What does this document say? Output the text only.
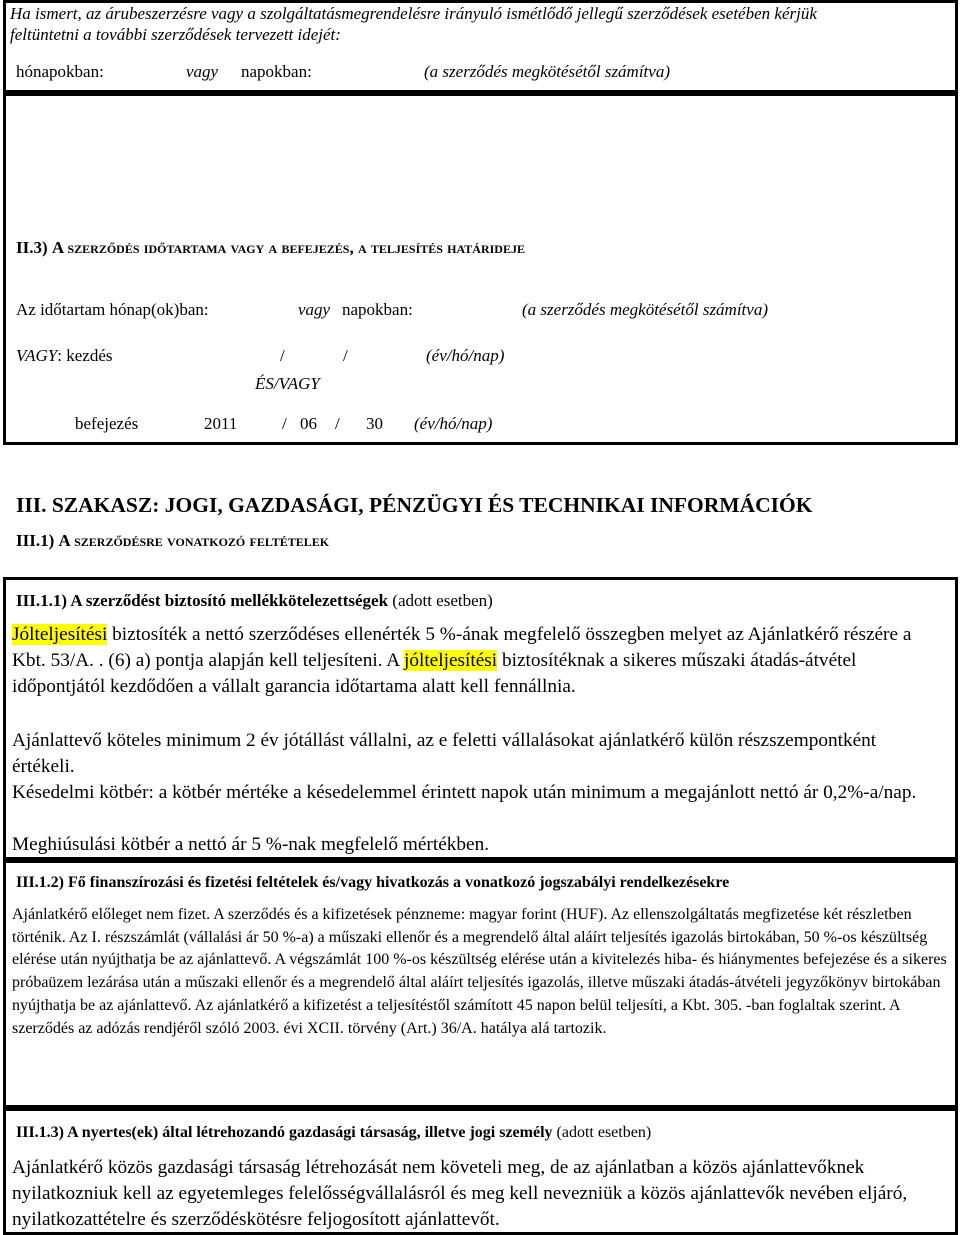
Ha ismert, az árubeszerzésre vagy a szolgáltatásmegrendelésre irányuló ismétlődő jellegű szerződések esetében kérjük
feltüntetni a további szerződések tervezett idejét:
hónapokban:	vagy napokban:	(a szerződés megkötésétől számítva)
II.3) A szerződés időtartama vagy a befejezés, a teljesítés határideje
Az időtartam hónap(ok)ban:	vagy napokban:	(a szerződés megkötésétől számítva)
VAGY: kezdés	/	/	(év/hó/nap)
ÉS/VAGY
befejezés	2011	/ 06 / 30 (év/hó/nap)
III. SZAKASZ: JOGI, GAZDASÁGI, PÉNZÜGYI ÉS TECHNIKAI INFORMÁCIÓK
III.1) A szerződésre vonatkozó feltételek
III.1.1) A szerződést biztosító mellékkötelezettségek (adott esetben)
Jólteljesítési biztosíték a nettó szerződéses ellenérték 5 %-ának megfelelő összegben melyet az Ajánlatkérő részére a Kbt. 53/A. . (6) a) pontja alapján kell teljesíteni. A jólteljesítési biztosítéknak a sikeres műszaki átadás-átvétel időpontjától kezdődően a vállalt garancia időtartama alatt kell fennállnia.
Ajánlattevő köteles minimum 2 év jótállást vállalni, az e feletti vállalásokat ajánlatkérő külön részszempontként értékeli.
Késedelmi kötbér: a kötbér mértéke a késedelemmel érintett napok után minimum a megajánlott nettó ár 0,2%-a/nap.
Meghiúsulási kötbér a nettó ár 5 %-nak megfelelő mértékben.
III.1.2) Fő finanszírozási és fizetési feltételek és/vagy hivatkozás a vonatkozó jogszabályi rendelkezésekre
Ajánlatkérő előleget nem fizet. A szerződés és a kifizetések pénzneme: magyar forint (HUF). Az ellenszolgáltatás megfizetése két részletben történik. Az I. részszámlát (vállalási ár 50 %-a) a műszaki ellenőr és a megrendelő által aláírt teljesítés igazolás birtokában, 50 %-os készültség elérése után nyújthatja be az ajánlattevő. A végszámlát 100 %-os készültség elérése után a kivitelezés hiba- és hiánymentes befejezése és a sikeres próbaüzem lezárása után a műszaki ellenőr és a megrendelő által aláírt teljesítés igazolás, illetve műszaki átadás-átvételi jegyzőkönyv birtokában nyújthatja be az ajánlattevő. Az ajánlatkérő a kifizetést a teljesítéstől számított 45 napon belül teljesíti, a Kbt. 305. -ban foglaltak szerint. A szerződés az adózás rendjéről szóló 2003. évi XCII. törvény (Art.) 36/A. hatálya alá tartozik.
III.1.3) A nyertes(ek) által létrehozandó gazdasági társaság, illetve jogi személy (adott esetben)
Ajánlatkérő közös gazdasági társaság létrehozását nem követeli meg, de az ajánlatban a közös ajánlattevőknek nyilatkozniuk kell az egyetemleges felelősségvállalásról és meg kell nevezniük a közös ajánlattevők nevében eljáró, nyilatkozattételre és szerződéskötésre feljogosított ajánlattevőt.
